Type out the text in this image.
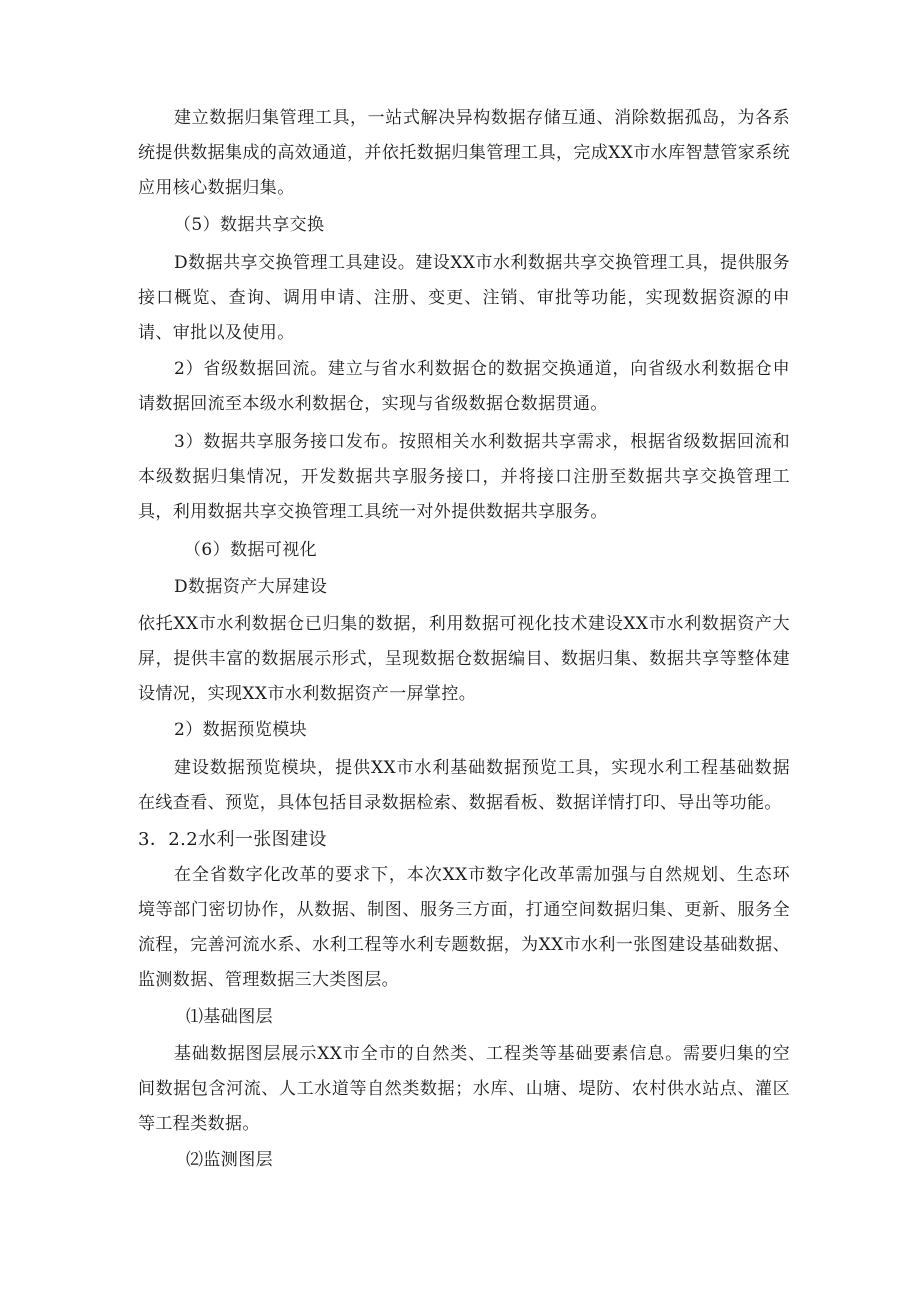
建立数据归集管理工具，一站式解决异构数据存储互通、消除数据孤岛，为各系统提供数据集成的高效通道，并依托数据归集管理工具，完成XX市水库智慧管家系统应用核心数据归集。

（5）数据共享交换

D数据共享交换管理工具建设。建设XX市水利数据共享交换管理工具，提供服务接口概览、查询、调用申请、注册、变更、注销、审批等功能，实现数据资源的申请、审批以及使用。

2）省级数据回流。建立与省水利数据仓的数据交换通道，向省级水利数据仓申请数据回流至本级水利数据仓，实现与省级数据仓数据贯通。

3）数据共享服务接口发布。按照相关水利数据共享需求，根据省级数据回流和本级数据归集情况，开发数据共享服务接口，并将接口注册至数据共享交换管理工具，利用数据共享交换管理工具统一对外提供数据共享服务。

（6）数据可视化

D数据资产大屏建设

依托XX市水利数据仓已归集的数据，利用数据可视化技术建设XX市水利数据资产大屏，提供丰富的数据展示形式，呈现数据仓数据编目、数据归集、数据共享等整体建设情况，实现XX市水利数据资产一屏掌控。

2）数据预览模块

建设数据预览模块，提供XX市水利基础数据预览工具，实现水利工程基础数据在线查看、预览，具体包括目录数据检索、数据看板、数据详情打印、导出等功能。

3．2.2水利一张图建设

在全省数字化改革的要求下，本次XX市数字化改革需加强与自然规划、生态环境等部门密切协作，从数据、制图、服务三方面，打通空间数据归集、更新、服务全流程，完善河流水系、水利工程等水利专题数据，为XX市水利一张图建设基础数据、监测数据、管理数据三大类图层。

⑴基础图层

基础数据图层展示XX市全市的自然类、工程类等基础要素信息。需要归集的空间数据包含河流、人工水道等自然类数据；水库、山塘、堤防、农村供水站点、灌区等工程类数据。

⑵监测图层
